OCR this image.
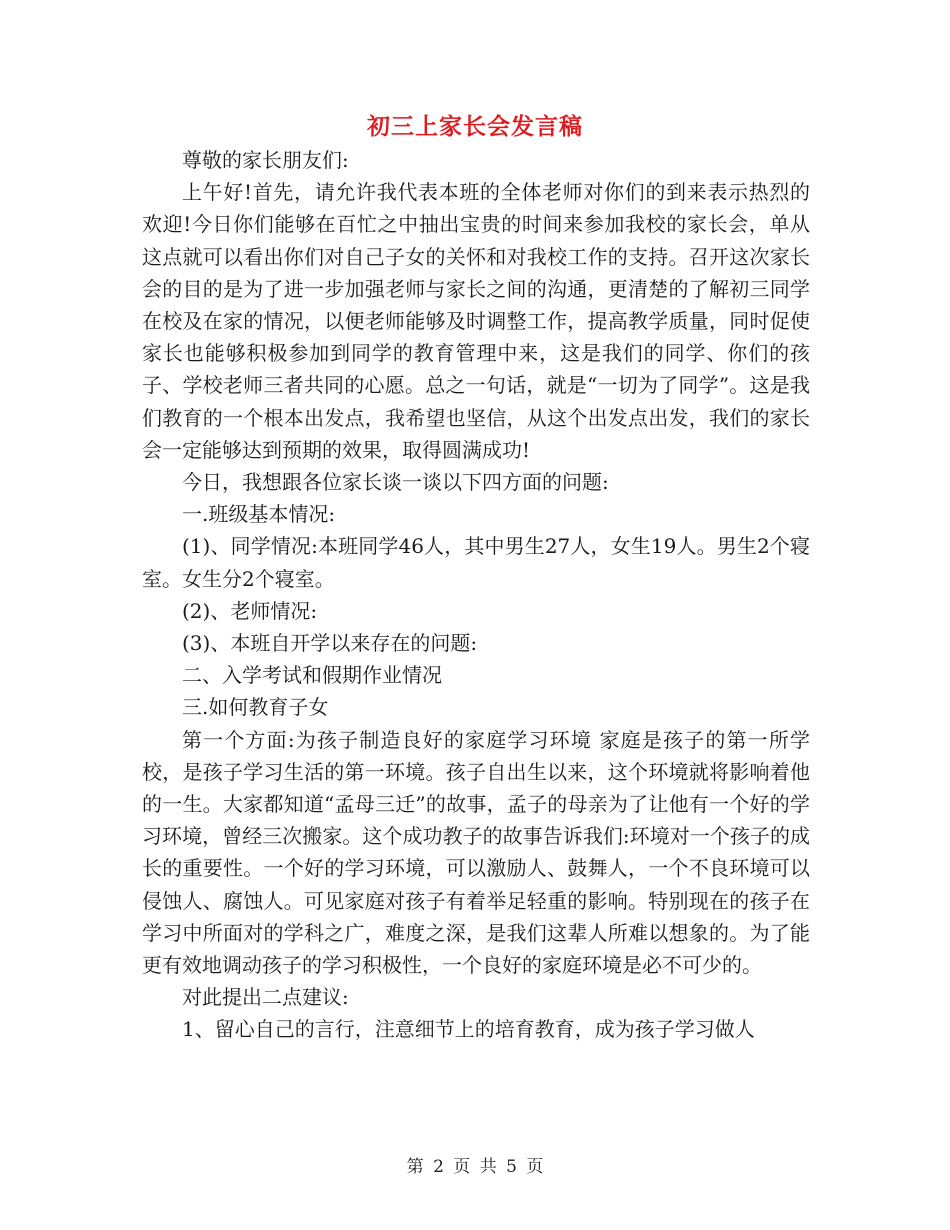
初三上家长会发言稿

尊敬的家长朋友们:

上午好!首先，请允许我代表本班的全体老师对你们的到来表示热烈的欢迎!今日你们能够在百忙之中抽出宝贵的时间来参加我校的家长会，单从这点就可以看出你们对自己子女的关怀和对我校工作的支持。召开这次家长会的目的是为了进一步加强老师与家长之间的沟通，更清楚的了解初三同学在校及在家的情况，以便老师能够及时调整工作，提高教学质量，同时促使家长也能够积极参加到同学的教育管理中来，这是我们的同学、你们的孩子、学校老师三者共同的心愿。总之一句话，就是“一切为了同学”。这是我们教育的一个根本出发点，我希望也坚信，从这个出发点出发，我们的家长会一定能够达到预期的效果，取得圆满成功!

今日，我想跟各位家长谈一谈以下四方面的问题:

一.班级基本情况:

(1)、同学情况:本班同学46人，其中男生27人，女生19人。男生2个寝室。女生分2个寝室。

(2)、老师情况:

(3)、本班自开学以来存在的问题:

二、入学考试和假期作业情况

三.如何教育子女

第一个方面:为孩子制造良好的家庭学习环境 家庭是孩子的第一所学校，是孩子学习生活的第一环境。孩子自出生以来，这个环境就将影响着他的一生。大家都知道“孟母三迁”的故事，孟子的母亲为了让他有一个好的学习环境，曾经三次搬家。这个成功教子的故事告诉我们:环境对一个孩子的成长的重要性。一个好的学习环境，可以激励人、鼓舞人，一个不良环境可以侵蚀人、腐蚀人。可见家庭对孩子有着举足轻重的影响。特别现在的孩子在学习中所面对的学科之广，难度之深，是我们这辈人所难以想象的。为了能更有效地调动孩子的学习积极性，一个良好的家庭环境是必不可少的。

对此提出二点建议:

1、留心自己的言行，注意细节上的培育教育，成为孩子学习做人

第 2 页 共 5 页
